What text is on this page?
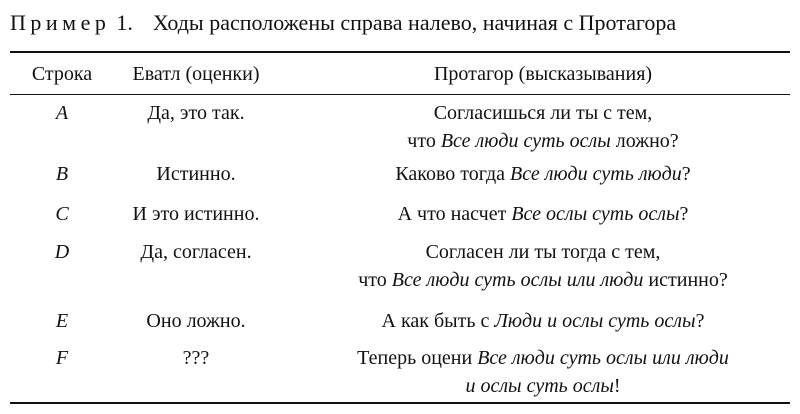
Пример 1. Ходы расположены справа налево, начиная с Протагора
Строка	Еватл (оценки)	Протагор (высказывания)
A	Да, это так.	Согласишься ли ты с тем,
что Все люди суть ослы ложно?
B	Истинно.	Каково тогда Все люди суть люди?
C	И это истинно.	А что насчет Все ослы суть ослы?
D	Да, согласен.	Согласен ли ты тогда с тем,
что Все люди суть ослы или люди истинно?
E	Оно ложно.	А как быть с Люди и ослы суть ослы?
F	???	Теперь оцени Все люди суть ослы или люди
и ослы суть ослы!
